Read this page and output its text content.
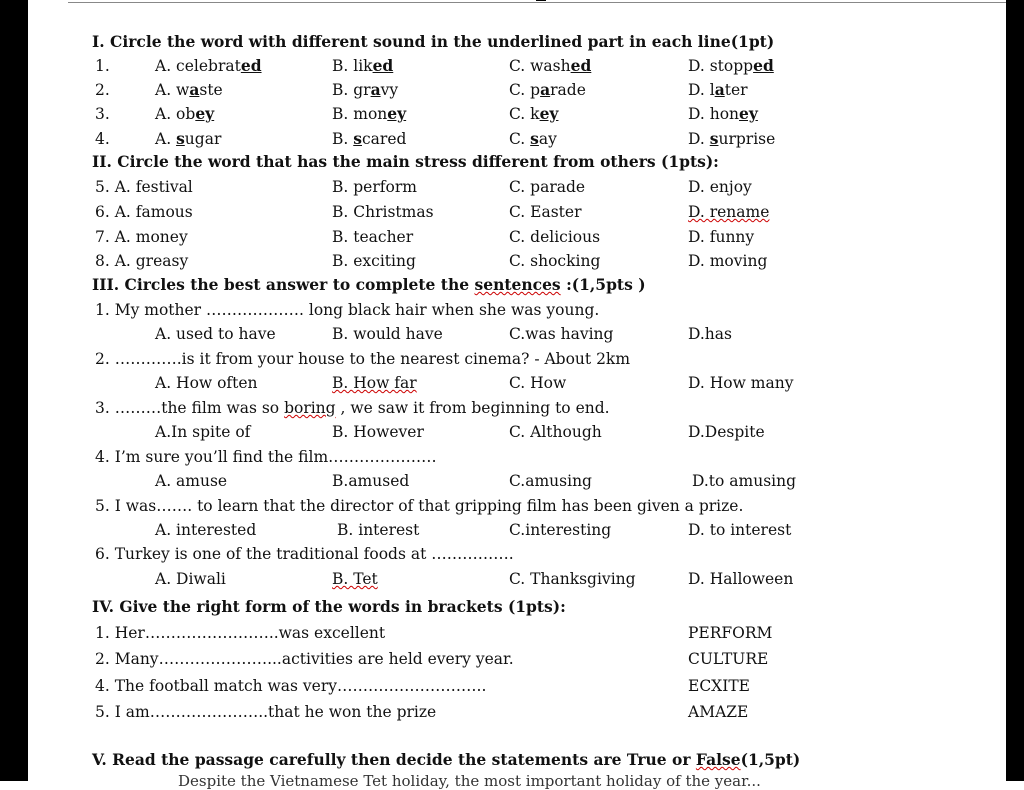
I. Circle the word with different sound in the underlined part in each line(1pt)
1.	A. celebrated	B. liked	C. washed	D. stopped
2.	A. waste	B. gravy	C. parade	D. later
3.	A. obey	B. money	C. key	D. honey
4.	A. sugar	B. scared	C. say	D. surprise
II. Circle the word that has the main stress different from others (1pts):
5. A. festival	B. perform	C. parade	D. enjoy
6. A. famous	B. Christmas	C. Easter	D. rename
7. A. money	B. teacher	C. delicious	D. funny
8. A. greasy	B. exciting	C. shocking	D. moving
III. Circles the best answer to complete the sentences :(1,5pts )
1. My mother ………………. long black hair when she was young.
A. used to have	B. would have	C.was having	D.has
2. ………….is it from your house to the nearest cinema? - About 2km
A. How often	B. How far	C. How	D. How many
3. ………the film was so boring , we saw it from beginning to end.
A.In spite of	B. However	C. Although	D.Despite
4. I’m sure you’ll find the film…………………
A. amuse	B.amused	C.amusing	D.to amusing
5. I was……. to learn that the director of that gripping film has been given a prize.
A. interested	B. interest	C.interesting	D. to interest
6. Turkey is one of the traditional foods at …………….
A. Diwali	B. Tet	C. Thanksgiving	D. Halloween
IV. Give the right form of the words in brackets (1pts):
1. Her……………………..was excellent	PERFORM
2. Many…………………...activities are held every year.	CULTURE
4. The football match was very………………………..	ECXITE
5. I am…………………..that he won the prize	AMAZE
V. Read the passage carefully then decide the statements are True or False(1,5pt)
Despite the Vietnamese Tet holiday, the most important holiday of the year...
